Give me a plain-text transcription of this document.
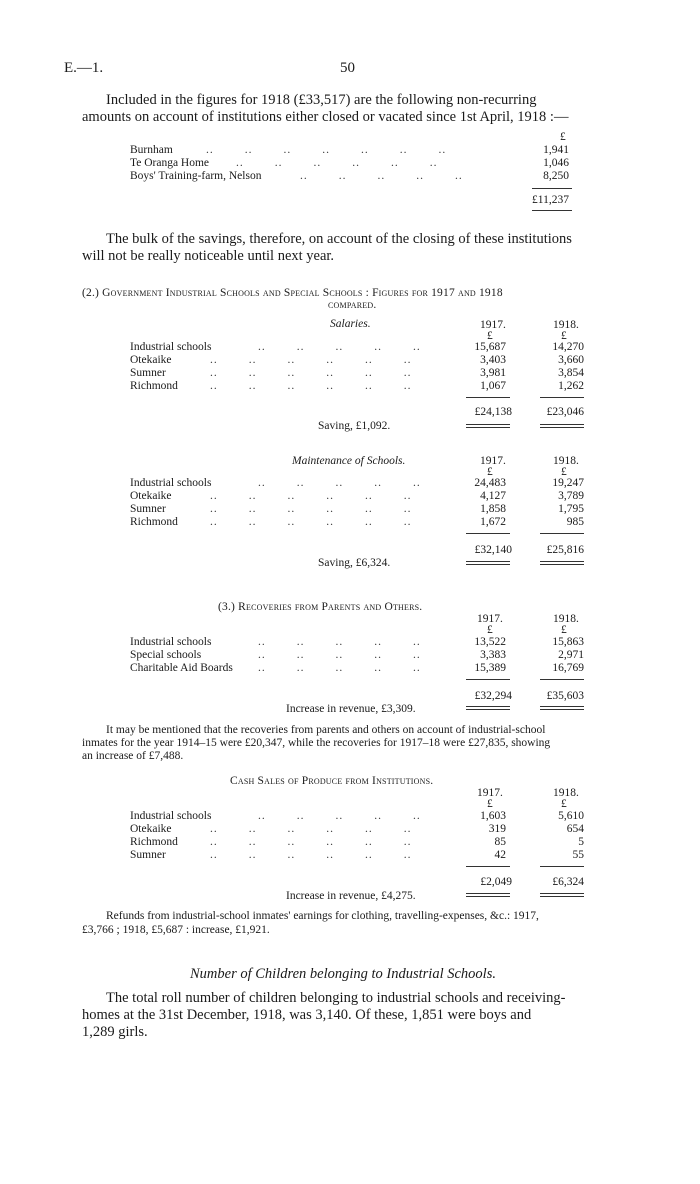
E.—1.	50
Included in the figures for 1918 (£33,517) are the following non-recurring
amounts on account of institutions either closed or vacated since 1st April, 1918 :—
£
Burnham	..        ..        ..        ..        ..        ..        ..	1,941
Te Oranga Home ..        ..        ..        ..        ..        ..	1,046
Boys' Training-farm, Nelson	..        ..        ..        ..        ..	8,250
£11,237
The bulk of the savings, therefore, on account of the closing of these institutions
will not be really noticeable until next year.
(2.) Government Industrial Schools and Special Schools : Figures for 1917 and 1918
compared.
Salaries.	1917.	1918.
£	£
Industrial schools	..        ..        ..        ..        ..	15,687	14,270
Otekaike	..        ..        ..        ..        ..        ..	3,403	3,660
Sumner	..        ..        ..        ..        ..        ..	3,981	3,854
Richmond	..        ..        ..        ..        ..        ..	1,067	1,262
£24,138	£23,046
Saving, £1,092.
Maintenance of Schools.	1917.	1918.
£	£
Industrial schools	..        ..        ..        ..        ..	24,483	19,247
Otekaike	..        ..        ..        ..        ..        ..	4,127	3,789
Sumner	..        ..        ..        ..        ..        ..	1,858	1,795
Richmond	..        ..        ..        ..        ..        ..	1,672	985
£32,140	£25,816
Saving, £6,324.
(3.) Recoveries from Parents and Others.
1917.	1918.
£	£
Industrial schools	..        ..        ..        ..        ..	13,522	15,863
Special schools	..        ..        ..        ..        ..	3,383	2,971
Charitable Aid Boards ..        ..        ..        ..        ..	15,389	16,769
£32,294	£35,603
Increase in revenue, £3,309.
It may be mentioned that the recoveries from parents and others on account of industrial-school
inmates for the year 1914–15 were £20,347, while the recoveries for 1917–18 were £27,835, showing
an increase of £7,488.
Cash Sales of Produce from Institutions.
1917.	1918.
£	£
Industrial schools	..        ..        ..        ..        ..	1,603	5,610
Otekaike	..        ..        ..        ..        ..        ..	319	654
Richmond	..        ..        ..        ..        ..        ..	85	5
Sumner	..        ..        ..        ..        ..        ..	42	55
£2,049	£6,324
Increase in revenue, £4,275.
Refunds from industrial-school inmates' earnings for clothing, travelling-expenses, &c.: 1917,
£3,766 ; 1918, £5,687 : increase, £1,921.
Number of Children belonging to Industrial Schools.
The total roll number of children belonging to industrial schools and receiving-
homes at the 31st December, 1918, was 3,140. Of these, 1,851 were boys and
1,289 girls.
